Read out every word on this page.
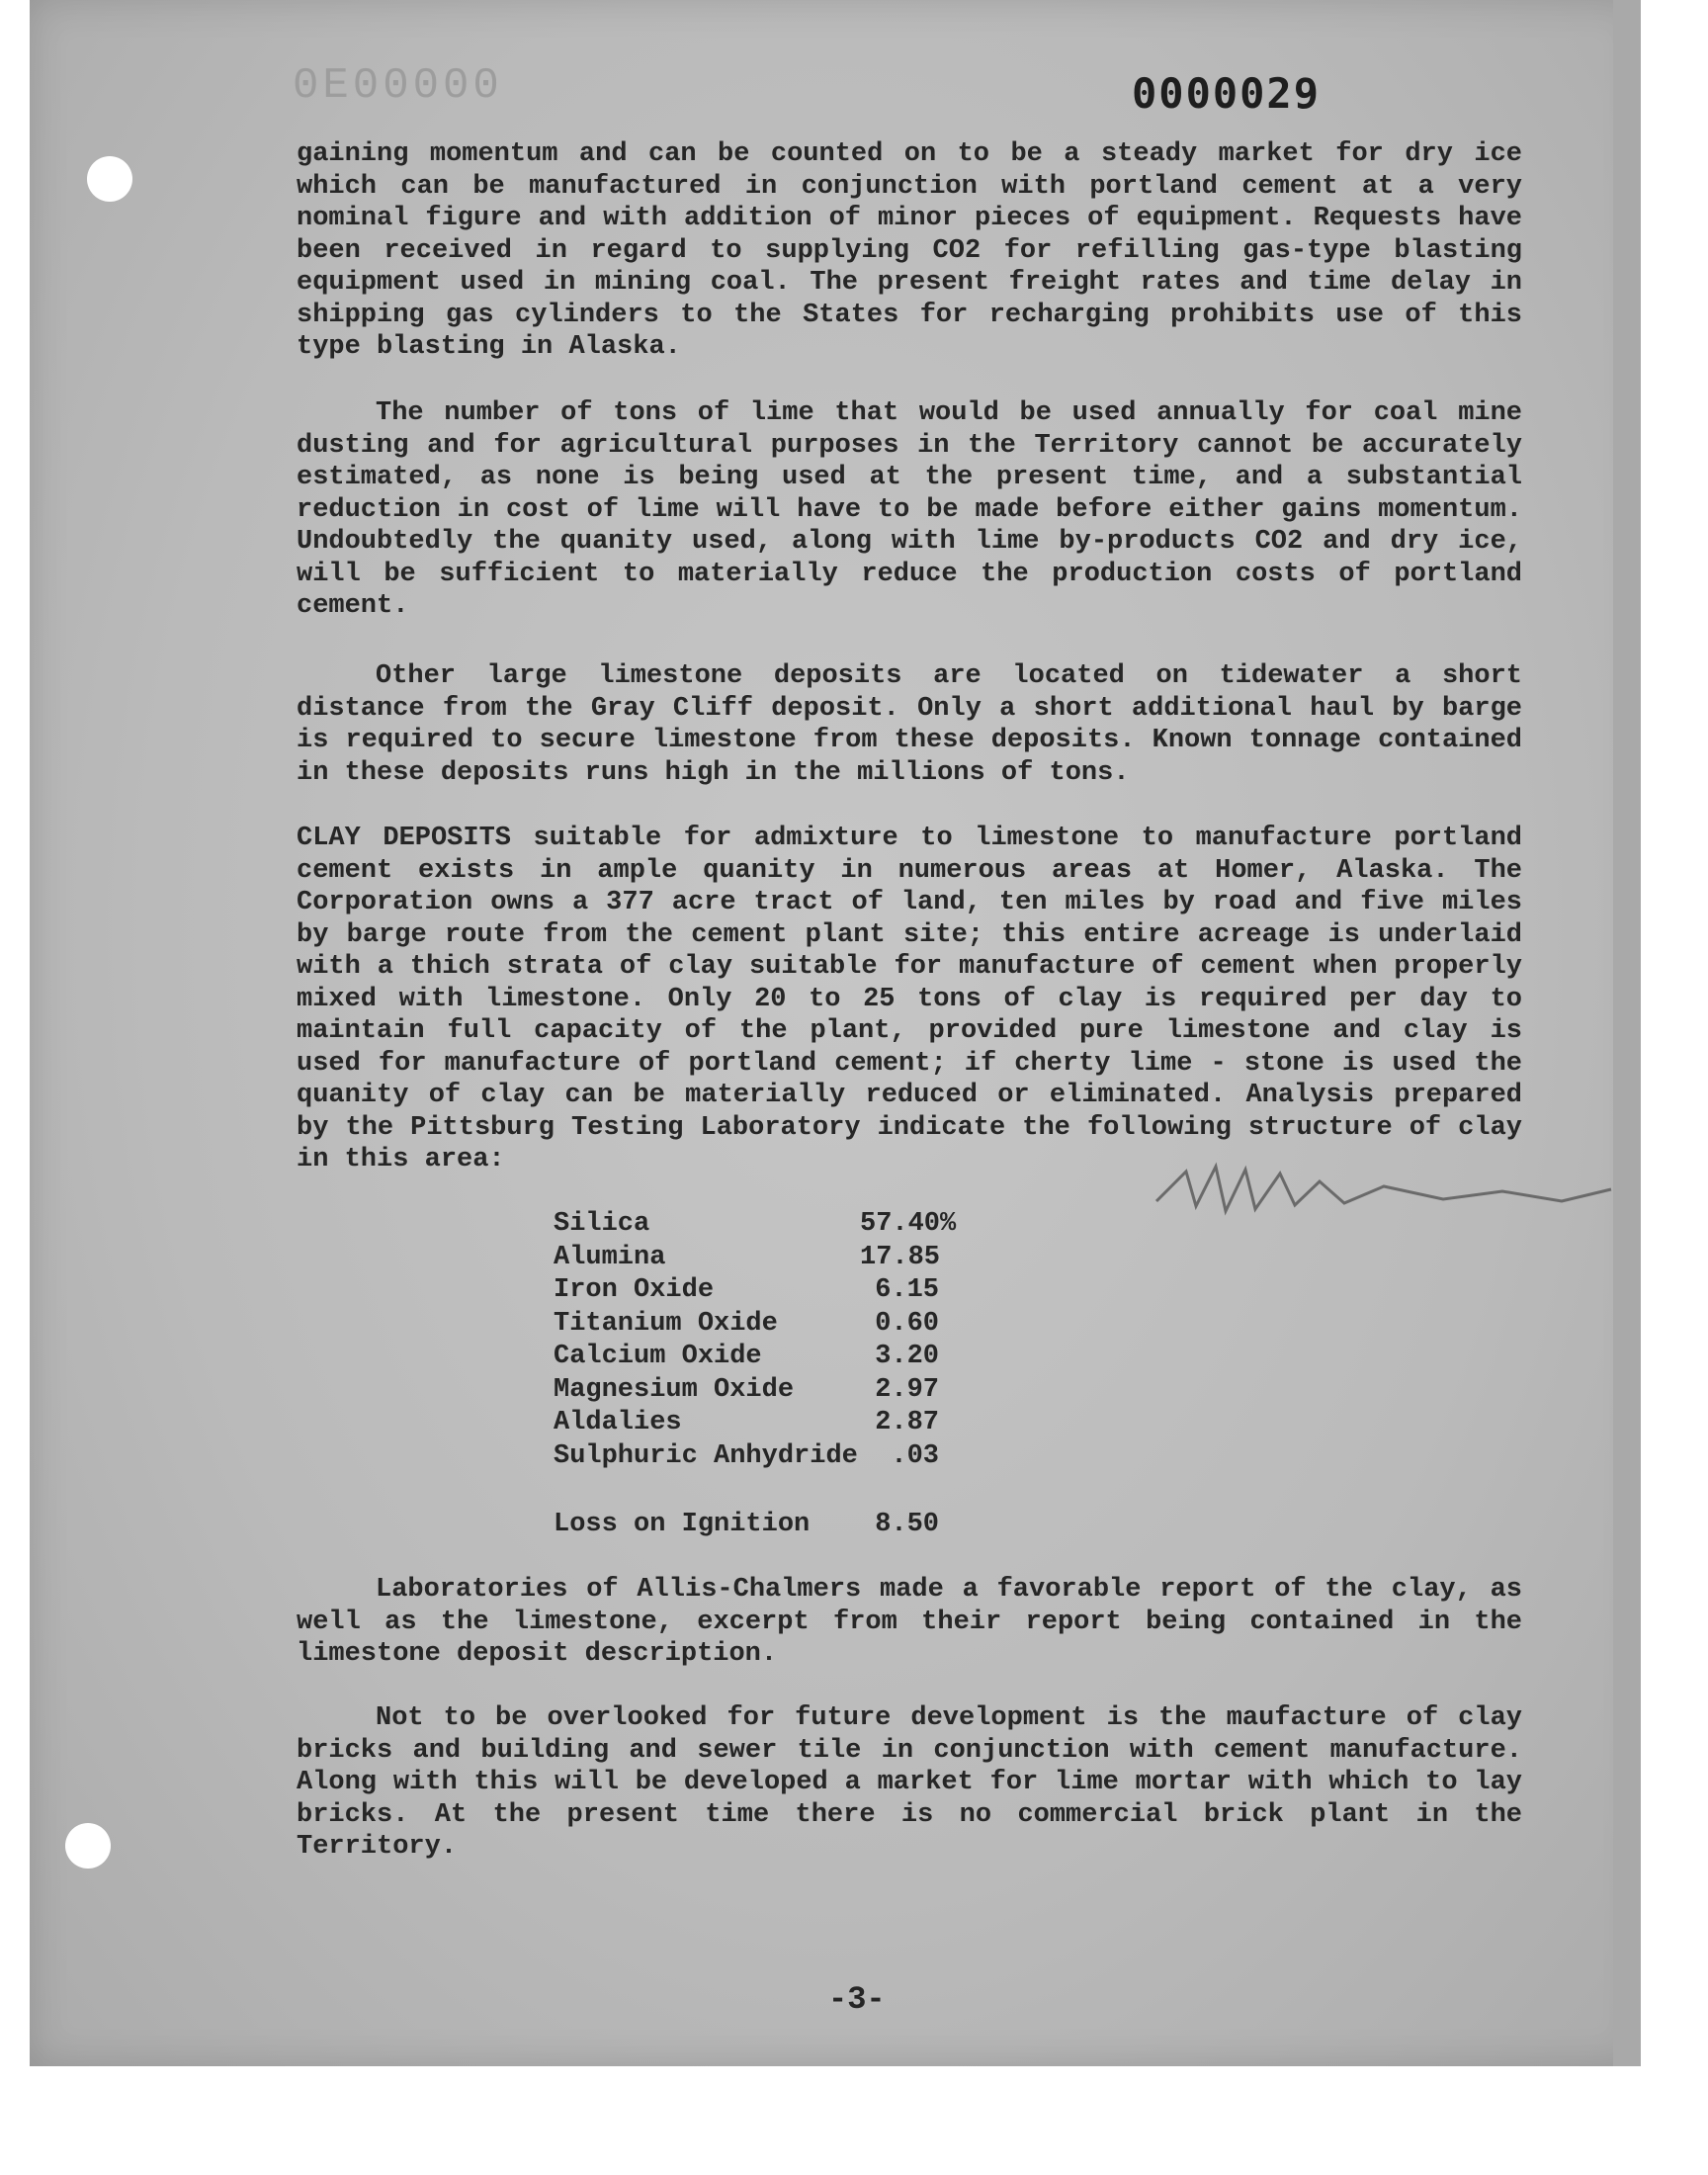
0E00000	0000029

gaining momentum and can be counted on to be a steady market for dry ice which can be manufactured in conjunction with portland cement at a very nominal figure and with addition of minor pieces of equipment. Requests have been received in regard to supplying CO2 for refilling gas-type blasting equipment used in mining coal. The present freight rates and time delay in shipping gas cylinders to the States for recharging prohibits use of this type blasting in Alaska.

The number of tons of lime that would be used annually for coal mine dusting and for agricultural purposes in the Territory cannot be accurately estimated, as none is being used at the present time, and a substantial reduction in cost of lime will have to be made before either gains momentum. Undoubtedly the quanity used, along with lime by-products CO2 and dry ice, will be sufficient to materially reduce the production costs of portland cement.

Other large limestone deposits are located on tidewater a short distance from the Gray Cliff deposit. Only a short additional haul by barge is required to secure limestone from these deposits. Known tonnage contained in these deposits runs high in the millions of tons.

CLAY DEPOSITS suitable for admixture to limestone to manufacture portland cement exists in ample quanity in numerous areas at Homer, Alaska. The Corporation owns a 377 acre tract of land, ten miles by road and five miles by barge route from the cement plant site; this entire acreage is underlaid with a thich strata of clay suitable for manufacture of cement when properly mixed with limestone. Only 20 to 25 tons of clay is required per day to maintain full capacity of the plant, provided pure limestone and clay is used for manufacture of portland cement; if cherty lime - stone is used the quanity of clay can be materially reduced or eliminated. Analysis prepared by the Pittsburg Testing Laboratory indicate the following structure of clay in this area:

Silica	57.40%
Alumina	17.85
Iron Oxide	6.15
Titanium Oxide	0.60
Calcium Oxide	3.20
Magnesium Oxide	2.97
Aldalies	2.87
Sulphuric Anhydride	.03
Loss on Ignition	8.50

Laboratories of Allis-Chalmers made a favorable report of the clay, as well as the limestone, excerpt from their report being contained in the limestone deposit description.

Not to be overlooked for future development is the maufacture of clay bricks and building and sewer tile in conjunction with cement manufacture. Along with this will be developed a market for lime mortar with which to lay bricks. At the present time there is no commercial brick plant in the Territory.

-3-
